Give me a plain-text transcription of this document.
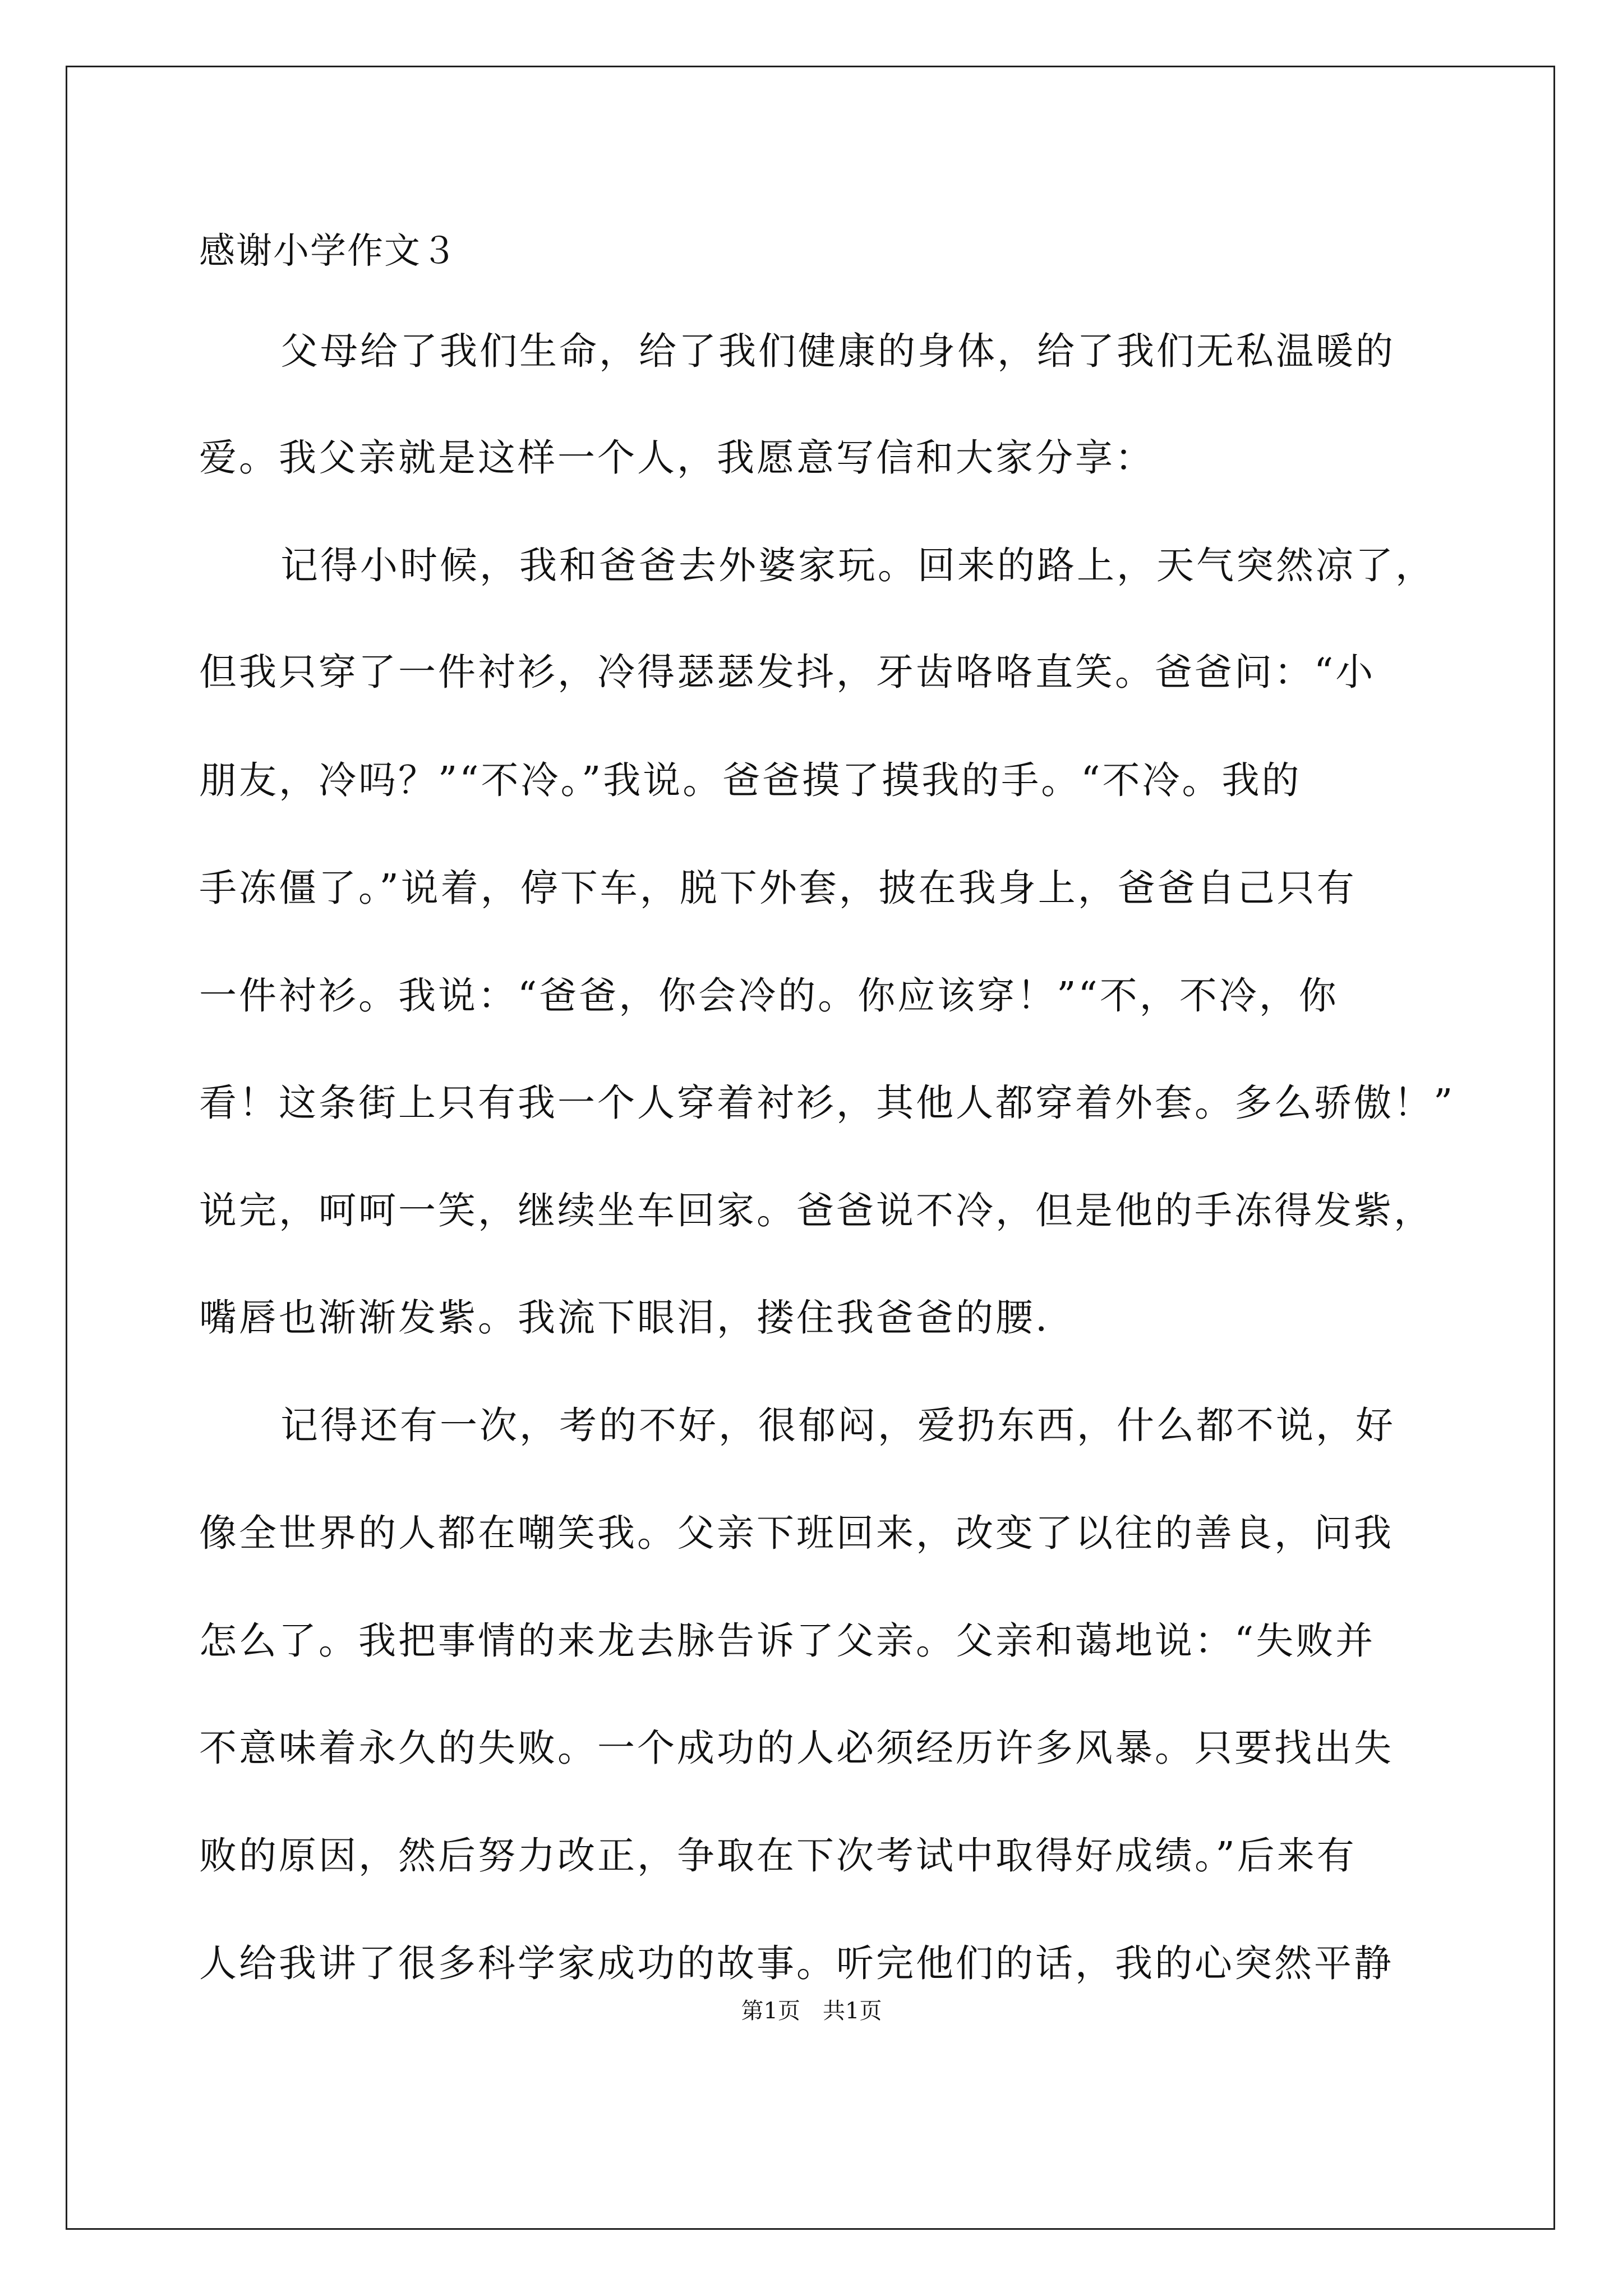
感谢小学作文３
父母给了我们生命，给了我们健康的身体，给了我们无私温暖的
爱。我父亲就是这样一个人，我愿意写信和大家分享：
记得小时候，我和爸爸去外婆家玩。回来的路上，天气突然凉了，
但我只穿了一件衬衫，冷得瑟瑟发抖，牙齿咯咯直笑。爸爸问：“小
朋友，冷吗？”“不冷。”我说。爸爸摸了摸我的手。“不冷。我的
手冻僵了。”说着，停下车，脱下外套，披在我身上，爸爸自己只有
一件衬衫。我说：“爸爸，你会冷的。你应该穿！”“不，不冷，你
看！这条街上只有我一个人穿着衬衫，其他人都穿着外套。多么骄傲！”
说完，呵呵一笑，继续坐车回家。爸爸说不冷，但是他的手冻得发紫，
嘴唇也渐渐发紫。我流下眼泪，搂住我爸爸的腰.
记得还有一次，考的不好，很郁闷，爱扔东西，什么都不说，好
像全世界的人都在嘲笑我。父亲下班回来，改变了以往的善良，问我
怎么了。我把事情的来龙去脉告诉了父亲。父亲和蔼地说：“失败并
不意味着永久的失败。一个成功的人必须经历许多风暴。只要找出失
败的原因，然后努力改正，争取在下次考试中取得好成绩。”后来有
人给我讲了很多科学家成功的故事。听完他们的话，我的心突然平静
第1页　共1页
